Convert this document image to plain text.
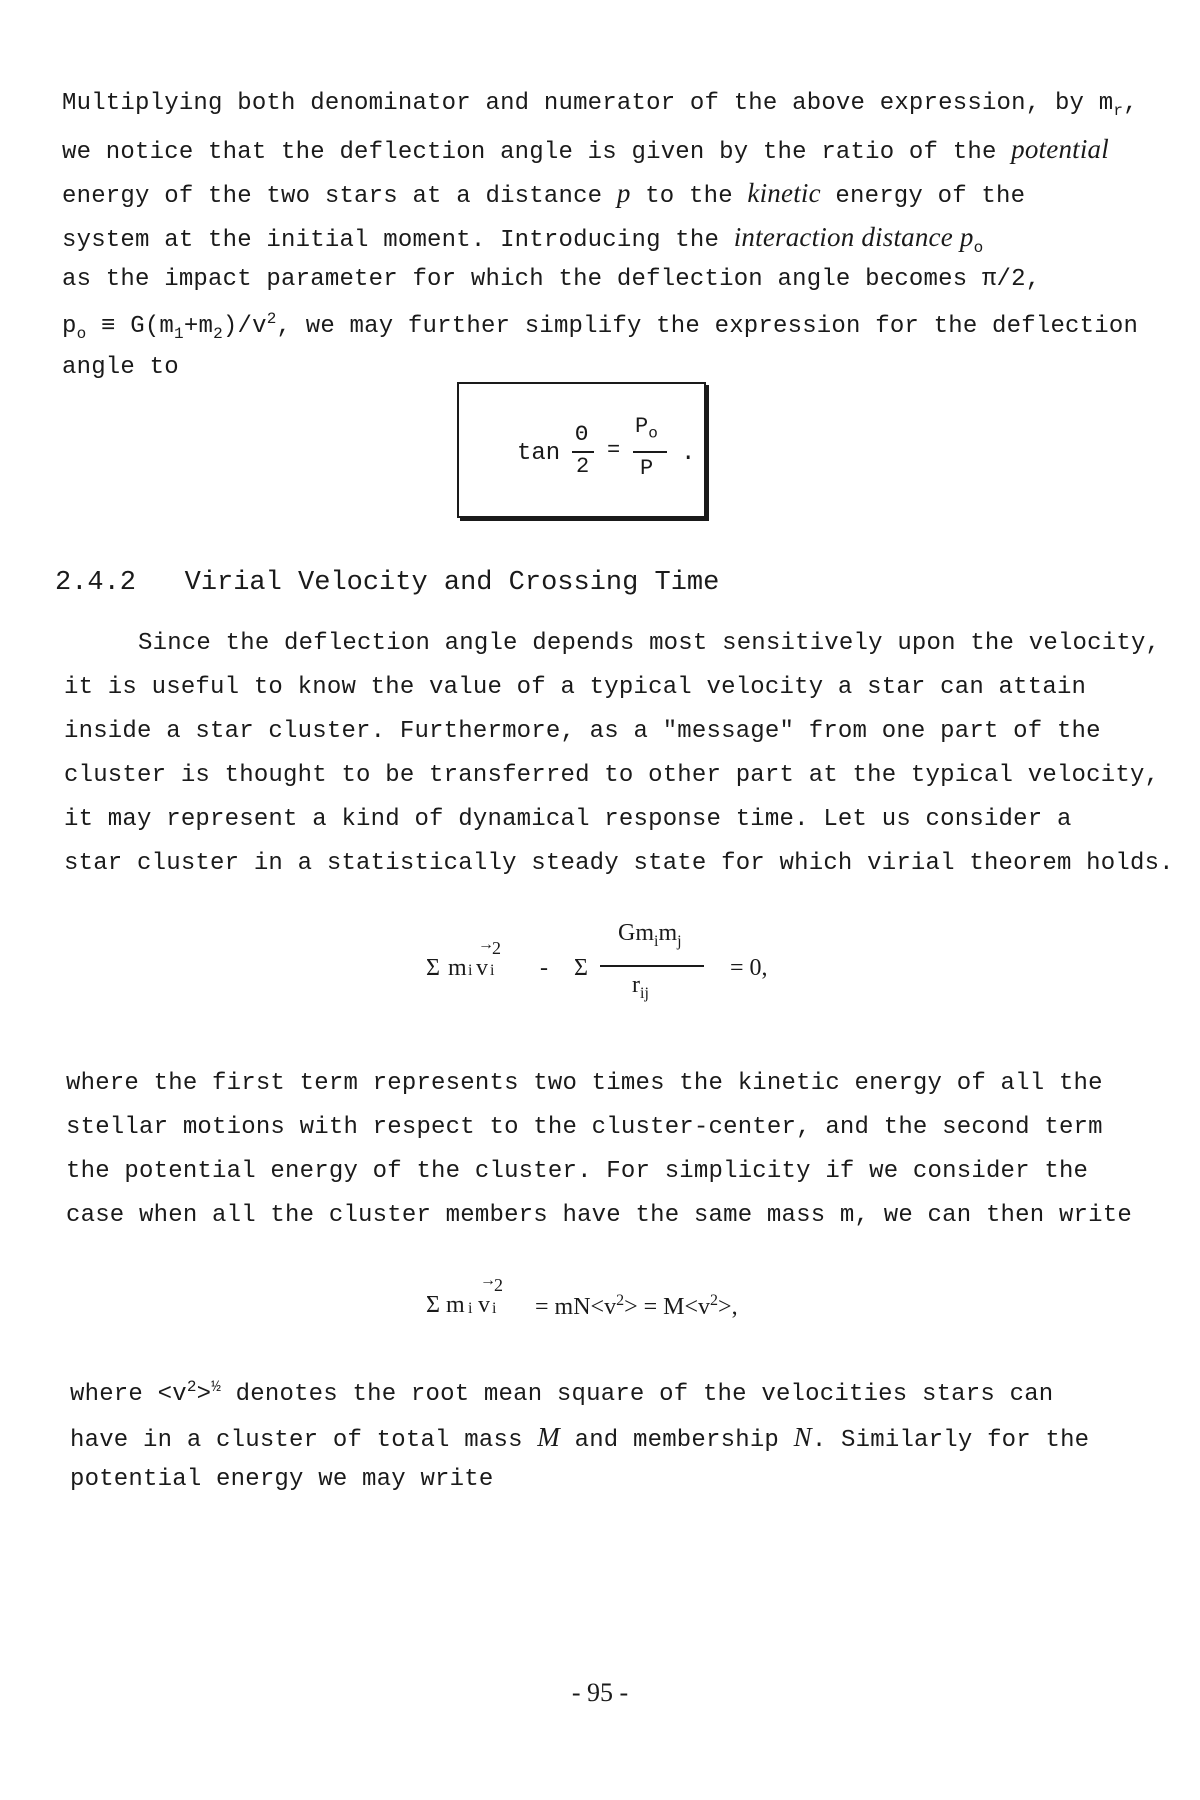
Multiplying both denominator and numerator of the above expression, by $m_r$,
we notice that the deflection angle is given by the ratio of the potential
energy of the two stars at a distance p to the kinetic energy of the
system at the initial moment. Introducing the interaction distance $p_o$
as the impact parameter for which the deflection angle becomes π/2,
$p_o \equiv G(m_1+m_2)/v^2$, we may further simplify the expression for the deflection
angle to
tan
Θ
2
=
$P_o$
P
.
2.4.2 Virial Velocity and Crossing Time
Since the deflection angle depends most sensitively upon the velocity,
it is useful to know the value of a typical velocity a star can attain
inside a star cluster. Furthermore, as a "message" from one part of the
cluster is thought to be transferred to other part at the typical velocity,
it may represent a kind of dynamical response time. Let us consider a
star cluster in a statistically steady state for which virial theorem holds.
Σ m i v
→
2
i - Σ
$Gm_im_j$
$r_{ij}$
= 0,
where the first term represents two times the kinetic energy of all the
stellar motions with respect to the cluster-center, and the second term
the potential energy of the cluster. For simplicity if we consider the
case when all the cluster members have the same mass m, we can then write
Σ m i v
→
2
$i = mN<v^2> = M<v^2>$,
where $<v^2>^{\frac{1}{2}}$ denotes the root mean square of the velocities stars can
have in a cluster of total mass M and membership N. Similarly for the
potential energy we may write
- 95 -
